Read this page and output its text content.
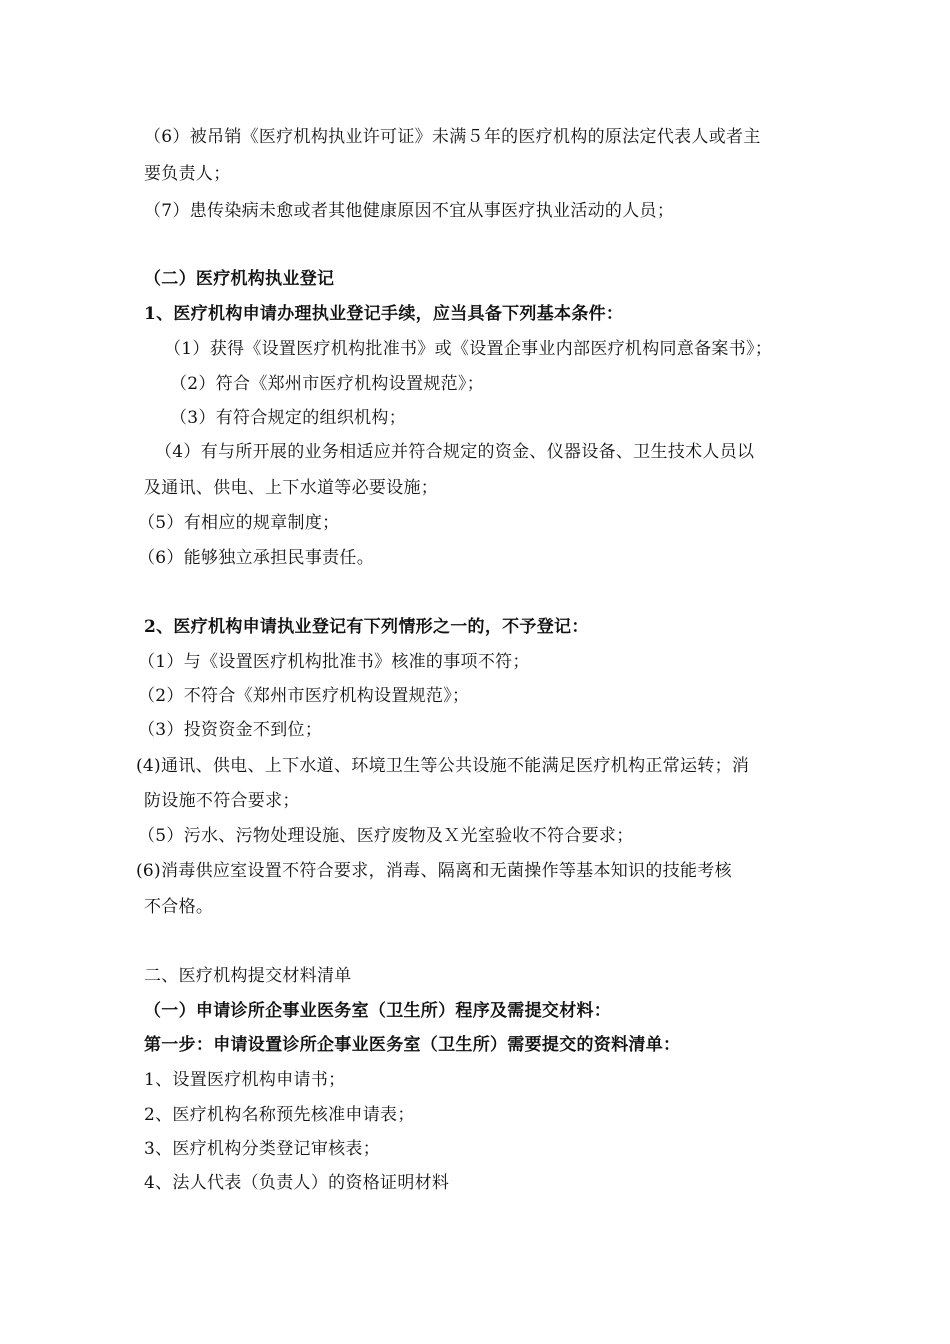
（6）被吊销《医疗机构执业许可证》未满５年的医疗机构的原法定代表人或者主
要负责人；
（7）患传染病未愈或者其他健康原因不宜从事医疗执业活动的人员；
（二）医疗机构执业登记
1、医疗机构申请办理执业登记手续，应当具备下列基本条件：
（1）获得《设置医疗机构批准书》或《设置企事业内部医疗机构同意备案书》；
（2）符合《郑州市医疗机构设置规范》；
（3）有符合规定的组织机构；
（4）有与所开展的业务相适应并符合规定的资金、仪器设备、卫生技术人员以
及通讯、供电、上下水道等必要设施；
（5）有相应的规章制度；
（6）能够独立承担民事责任。
2、医疗机构申请执业登记有下列情形之一的，不予登记：
（1）与《设置医疗机构批准书》核准的事项不符；
（2）不符合《郑州市医疗机构设置规范》；
（3）投资资金不到位；
(4)通讯、供电、上下水道、环境卫生等公共设施不能满足医疗机构正常运转；消
防设施不符合要求；
（5）污水、污物处理设施、医疗废物及Ｘ光室验收不符合要求；
(6)消毒供应室设置不符合要求，消毒、隔离和无菌操作等基本知识的技能考核
不合格。
二、医疗机构提交材料清单
（一）申请诊所企事业医务室（卫生所）程序及需提交材料：
第一步：申请设置诊所企事业医务室（卫生所）需要提交的资料清单：
1、设置医疗机构申请书；
2、医疗机构名称预先核准申请表；
3、医疗机构分类登记审核表；
4、法人代表（负责人）的资格证明材料
